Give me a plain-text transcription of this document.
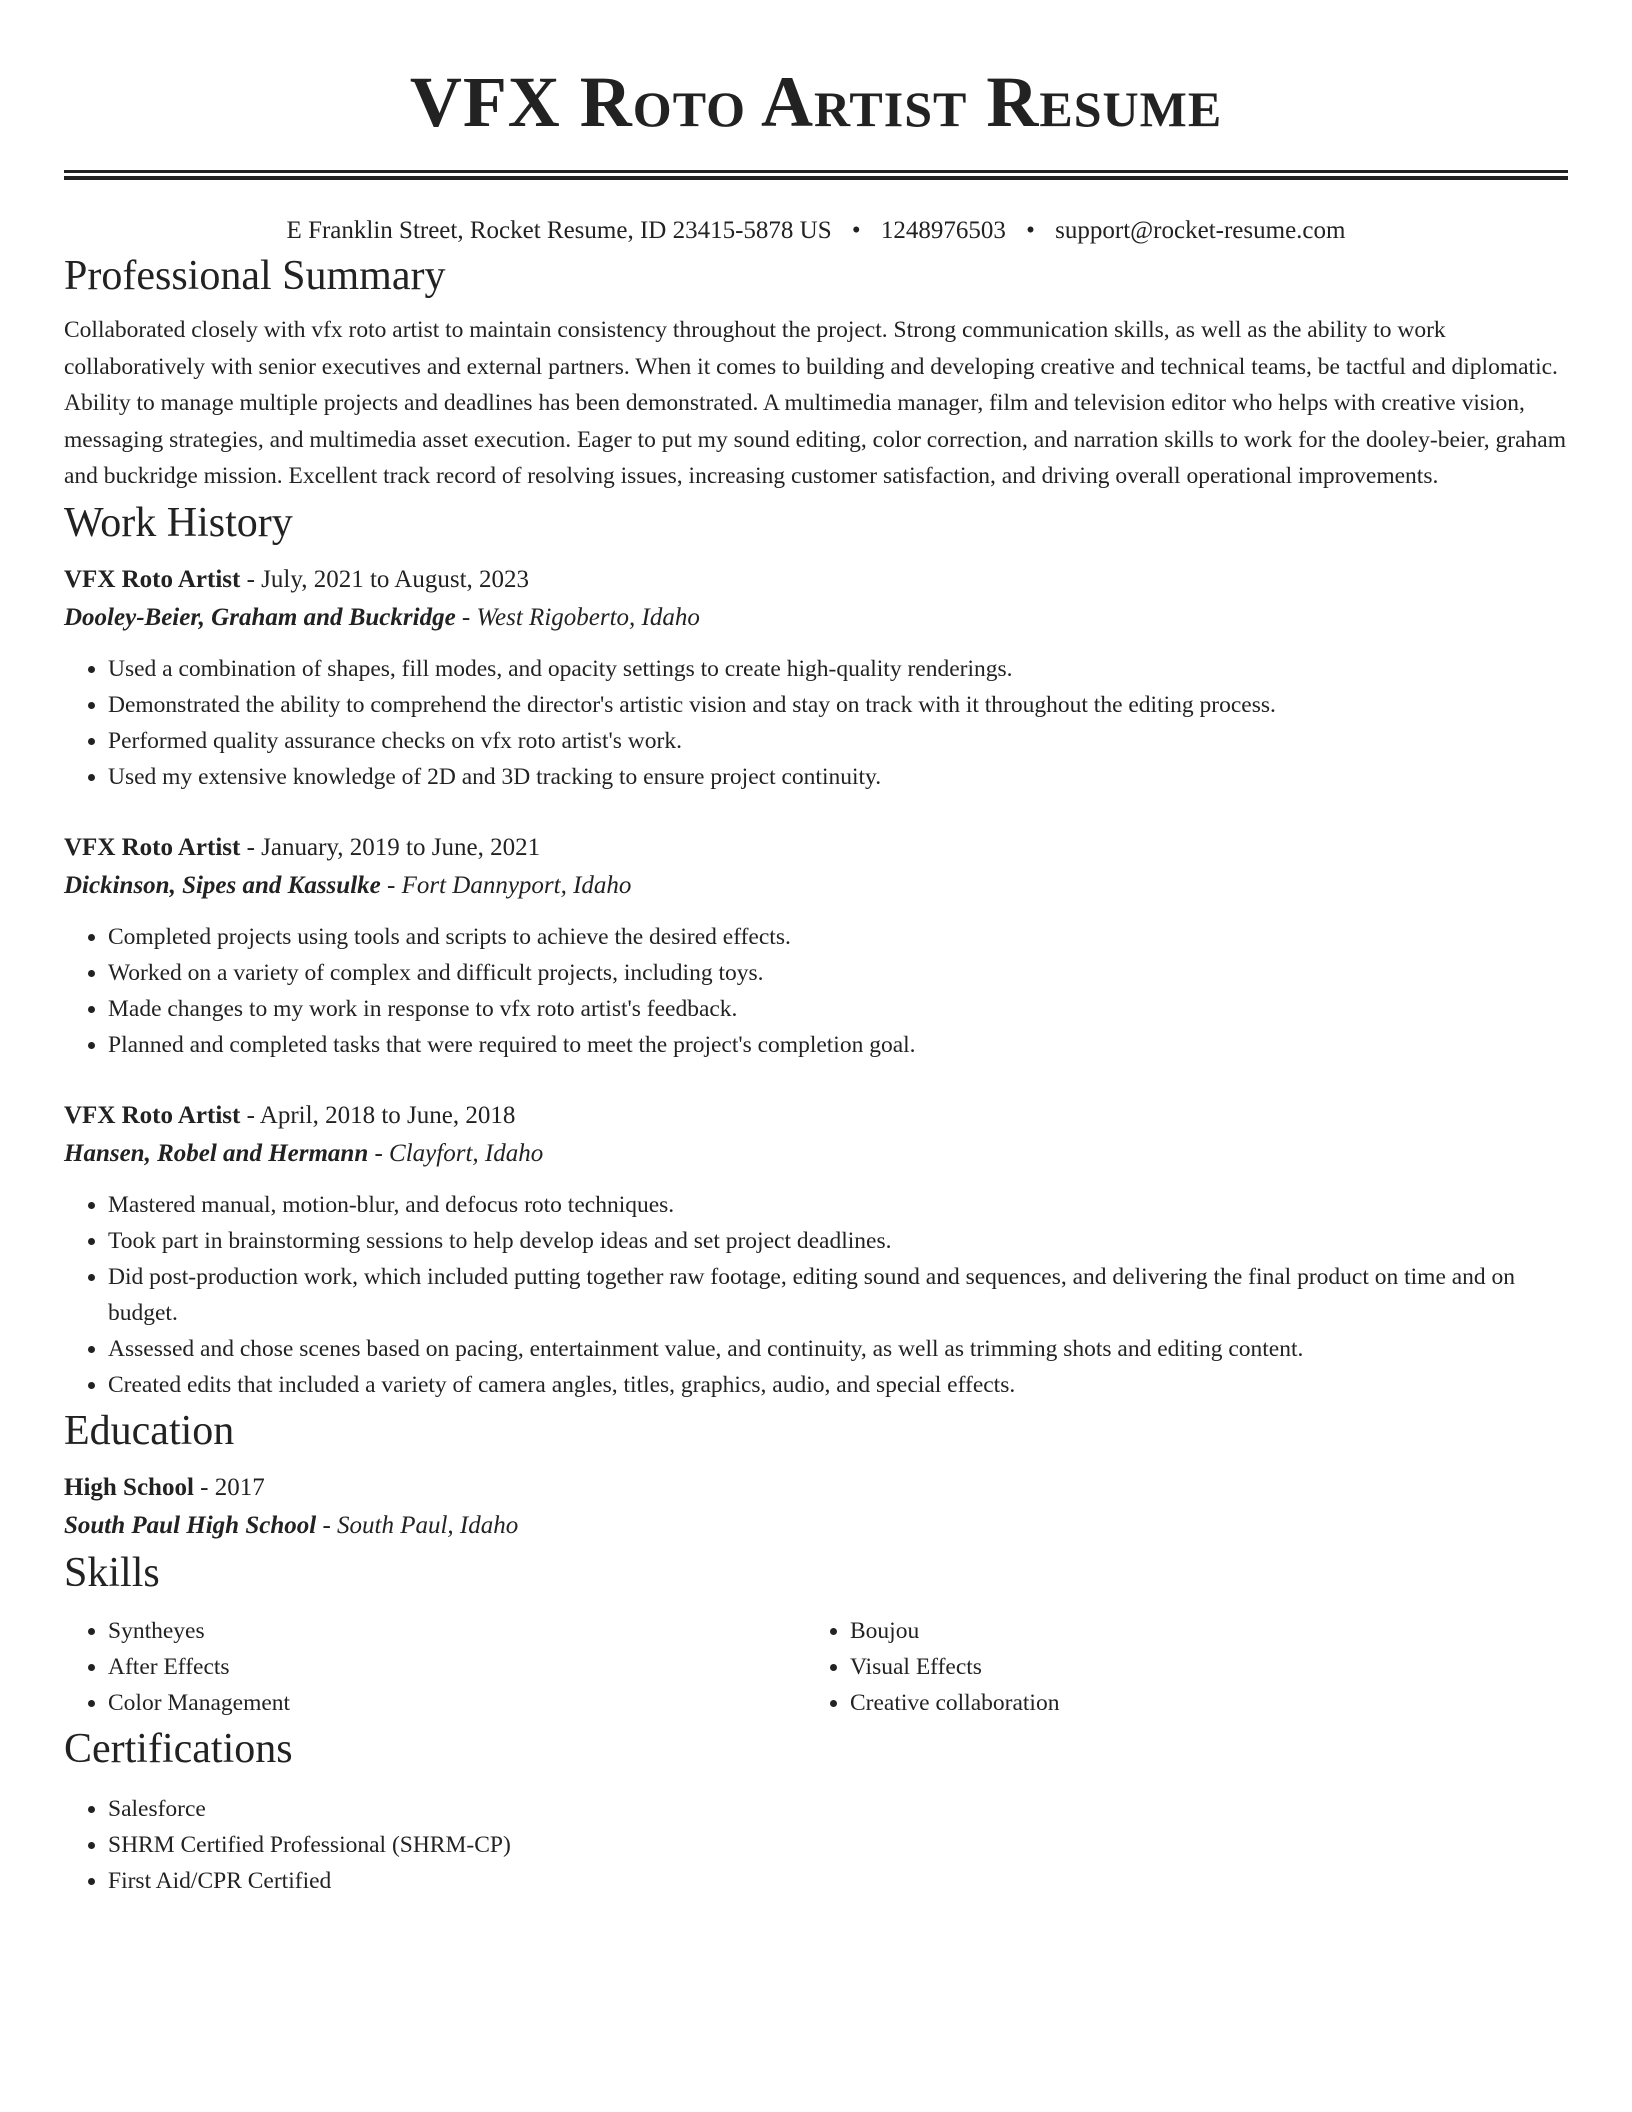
VFX Roto Artist Resume
E Franklin Street, Rocket Resume, ID 23415-5878 US • 1248976503 • support@rocket-resume.com
Professional Summary

Collaborated closely with vfx roto artist to maintain consistency throughout the project. Strong communication skills, as well as the ability to work collaboratively with senior executives and external partners. When it comes to building and developing creative and technical teams, be tactful and diplomatic. Ability to manage multiple projects and deadlines has been demonstrated. A multimedia manager, film and television editor who helps with creative vision, messaging strategies, and multimedia asset execution. Eager to put my sound editing, color correction, and narration skills to work for the dooley-beier, graham and buckridge mission. Excellent track record of resolving issues, increasing customer satisfaction, and driving overall operational improvements.

Work History
VFX Roto Artist - July, 2021 to August, 2023
Dooley-Beier, Graham and Buckridge - West Rigoberto, Idaho
• Used a combination of shapes, fill modes, and opacity settings to create high-quality renderings.
• Demonstrated the ability to comprehend the director's artistic vision and stay on track with it throughout the editing process.
• Performed quality assurance checks on vfx roto artist's work.
• Used my extensive knowledge of 2D and 3D tracking to ensure project continuity.
VFX Roto Artist - January, 2019 to June, 2021
Dickinson, Sipes and Kassulke - Fort Dannyport, Idaho
• Completed projects using tools and scripts to achieve the desired effects.
• Worked on a variety of complex and difficult projects, including toys.
• Made changes to my work in response to vfx roto artist's feedback.
• Planned and completed tasks that were required to meet the project's completion goal.
VFX Roto Artist - April, 2018 to June, 2018
Hansen, Robel and Hermann - Clayfort, Idaho
• Mastered manual, motion-blur, and defocus roto techniques.
• Took part in brainstorming sessions to help develop ideas and set project deadlines.
• Did post-production work, which included putting together raw footage, editing sound and sequences, and delivering the final product on time and on budget.
• Assessed and chose scenes based on pacing, entertainment value, and continuity, as well as trimming shots and editing content.
• Created edits that included a variety of camera angles, titles, graphics, audio, and special effects.
Education
High School - 2017
South Paul High School - South Paul, Idaho
Skills
• Syntheyes
• After Effects
• Color Management
• Boujou
• Visual Effects
• Creative collaboration
Certifications
• Salesforce
• SHRM Certified Professional (SHRM-CP)
• First Aid/CPR Certified
